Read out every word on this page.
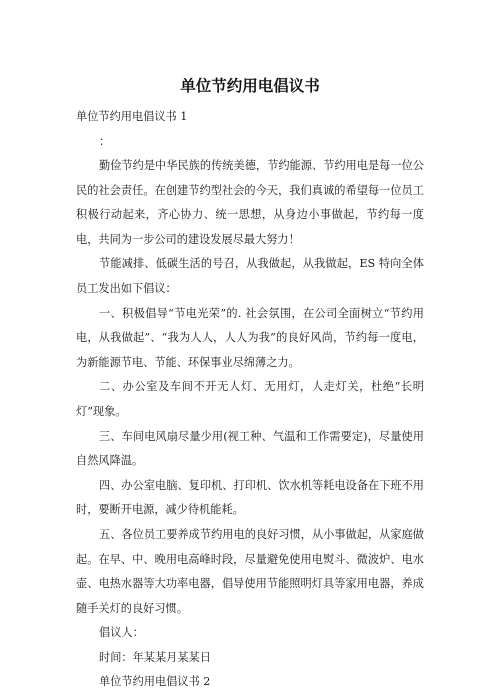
单位节约用电倡议书

单位节约用电倡议书 1

：

勤俭节约是中华民族的传统美德，节约能源、节约用电是每一位公民的社会责任。在创建节约型社会的今天，我们真诚的希望每一位员工积极行动起来，齐心协力、统一思想，从身边小事做起，节约每一度电，共同为一步公司的建设发展尽最大努力！

节能减排、低碳生活的号召，从我做起，从我做起，ES 特向全体员工发出如下倡议：

一、积极倡导“节电光荣”的. 社会氛围，在公司全面树立“节约用电，从我做起”、“我为人人，人人为我”的良好风尚，节约每一度电，为新能源节电、节能、环保事业尽绵薄之力。

二、办公室及车间不开无人灯、无用灯，人走灯关，杜绝“长明灯”现象。

三、车间电风扇尽量少用(视工种、气温和工作需要定)，尽量使用自然风降温。

四、办公室电脑、复印机、打印机、饮水机等耗电设备在下班不用时，要断开电源，减少待机能耗。

五、各位员工要养成节约用电的良好习惯，从小事做起，从家庭做起。在早、中、晚用电高峰时段，尽量避免使用电熨斗、微波炉、电水壶、电热水器等大功率电器，倡导使用节能照明灯具等家用电器，养成随手关灯的良好习惯。

倡议人：

时间：年某某月某某日

单位节约用电倡议书 2
